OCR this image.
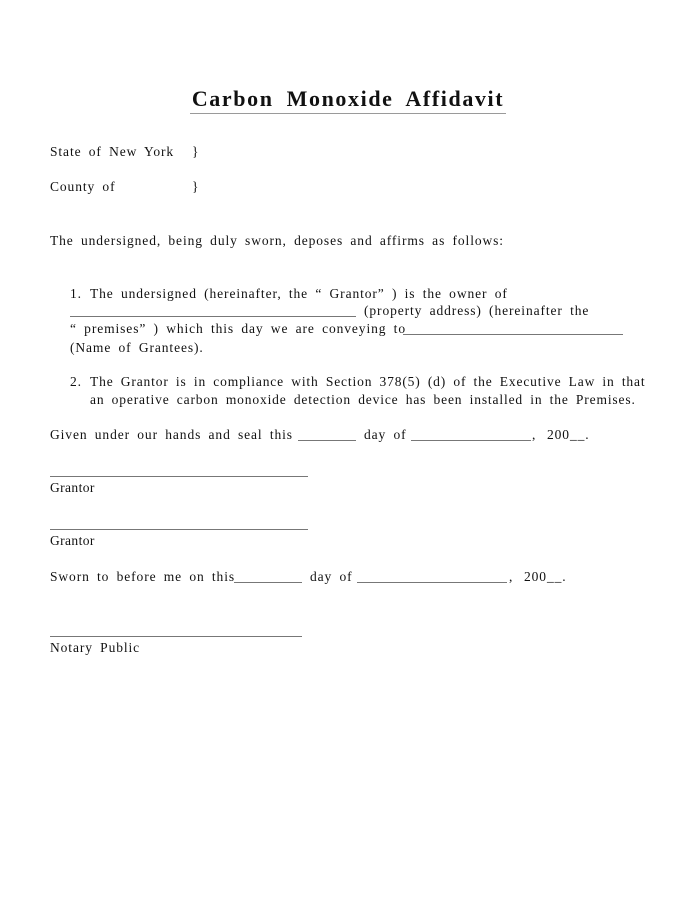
Carbon Monoxide Affidavit
State of New York }
County of	}
The undersigned, being duly sworn, deposes and affirms as follows:
1. The undersigned (hereinafter, the “ Grantor” ) is the owner of
(property address) (hereinafter the
“ premises” ) which this day we are conveying to
(Name of Grantees).
2. The Grantor is in compliance with Section 378(5) (d) of the Executive Law in that
an operative carbon monoxide detection device has been installed in the Premises.
Given under our hands and seal this	day of	, 200__.
Grantor
Grantor
Sworn to before me on this	day of	, 200__.
Notary Public
